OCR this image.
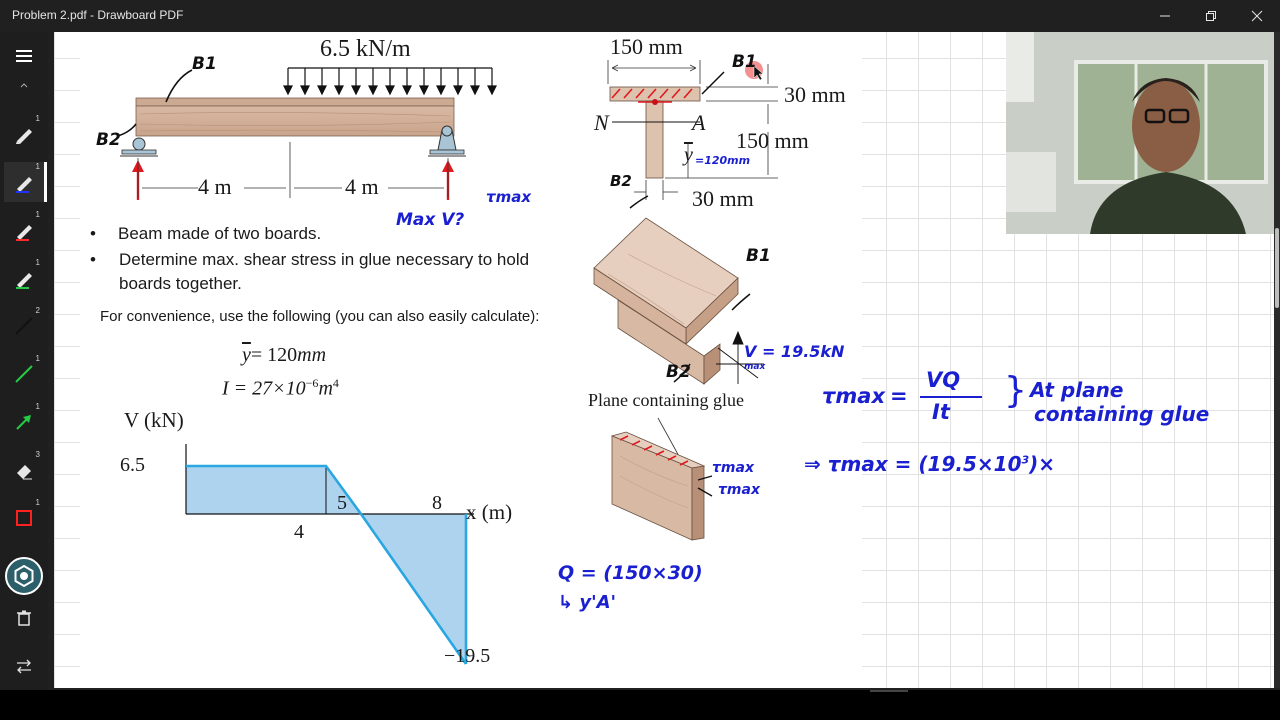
Problem 2.pdf - Drawboard PDF
1
1
1
1
2
1
1
3
1
6.5 kN/m
4 m	4 m
• Beam made of two boards.
•	Determine max. shear stress in glue necessary to hold boards together.
For convenience, use the following (you can also easily calculate):
$\overline{y}= 120mm$
$I = 27\times 10^{-6}m^4$
V (kN)
6.5
4
5	8 x (m)
−19.5
150 mm
30 mm
150 mm
30 mm
N	A
$\overline{y}$
Plane containing glue
B1
B2
τmax
Max V?
B1
B2
=120mm
B1
B2
V = 19.5kN
max
τmax
τmax
τmax =
VQ
It
} At plane
containing glue
⇒ $\tau\max = (19.5\times 10^3)\times$
Q = (150×30)
↳ y'A'
